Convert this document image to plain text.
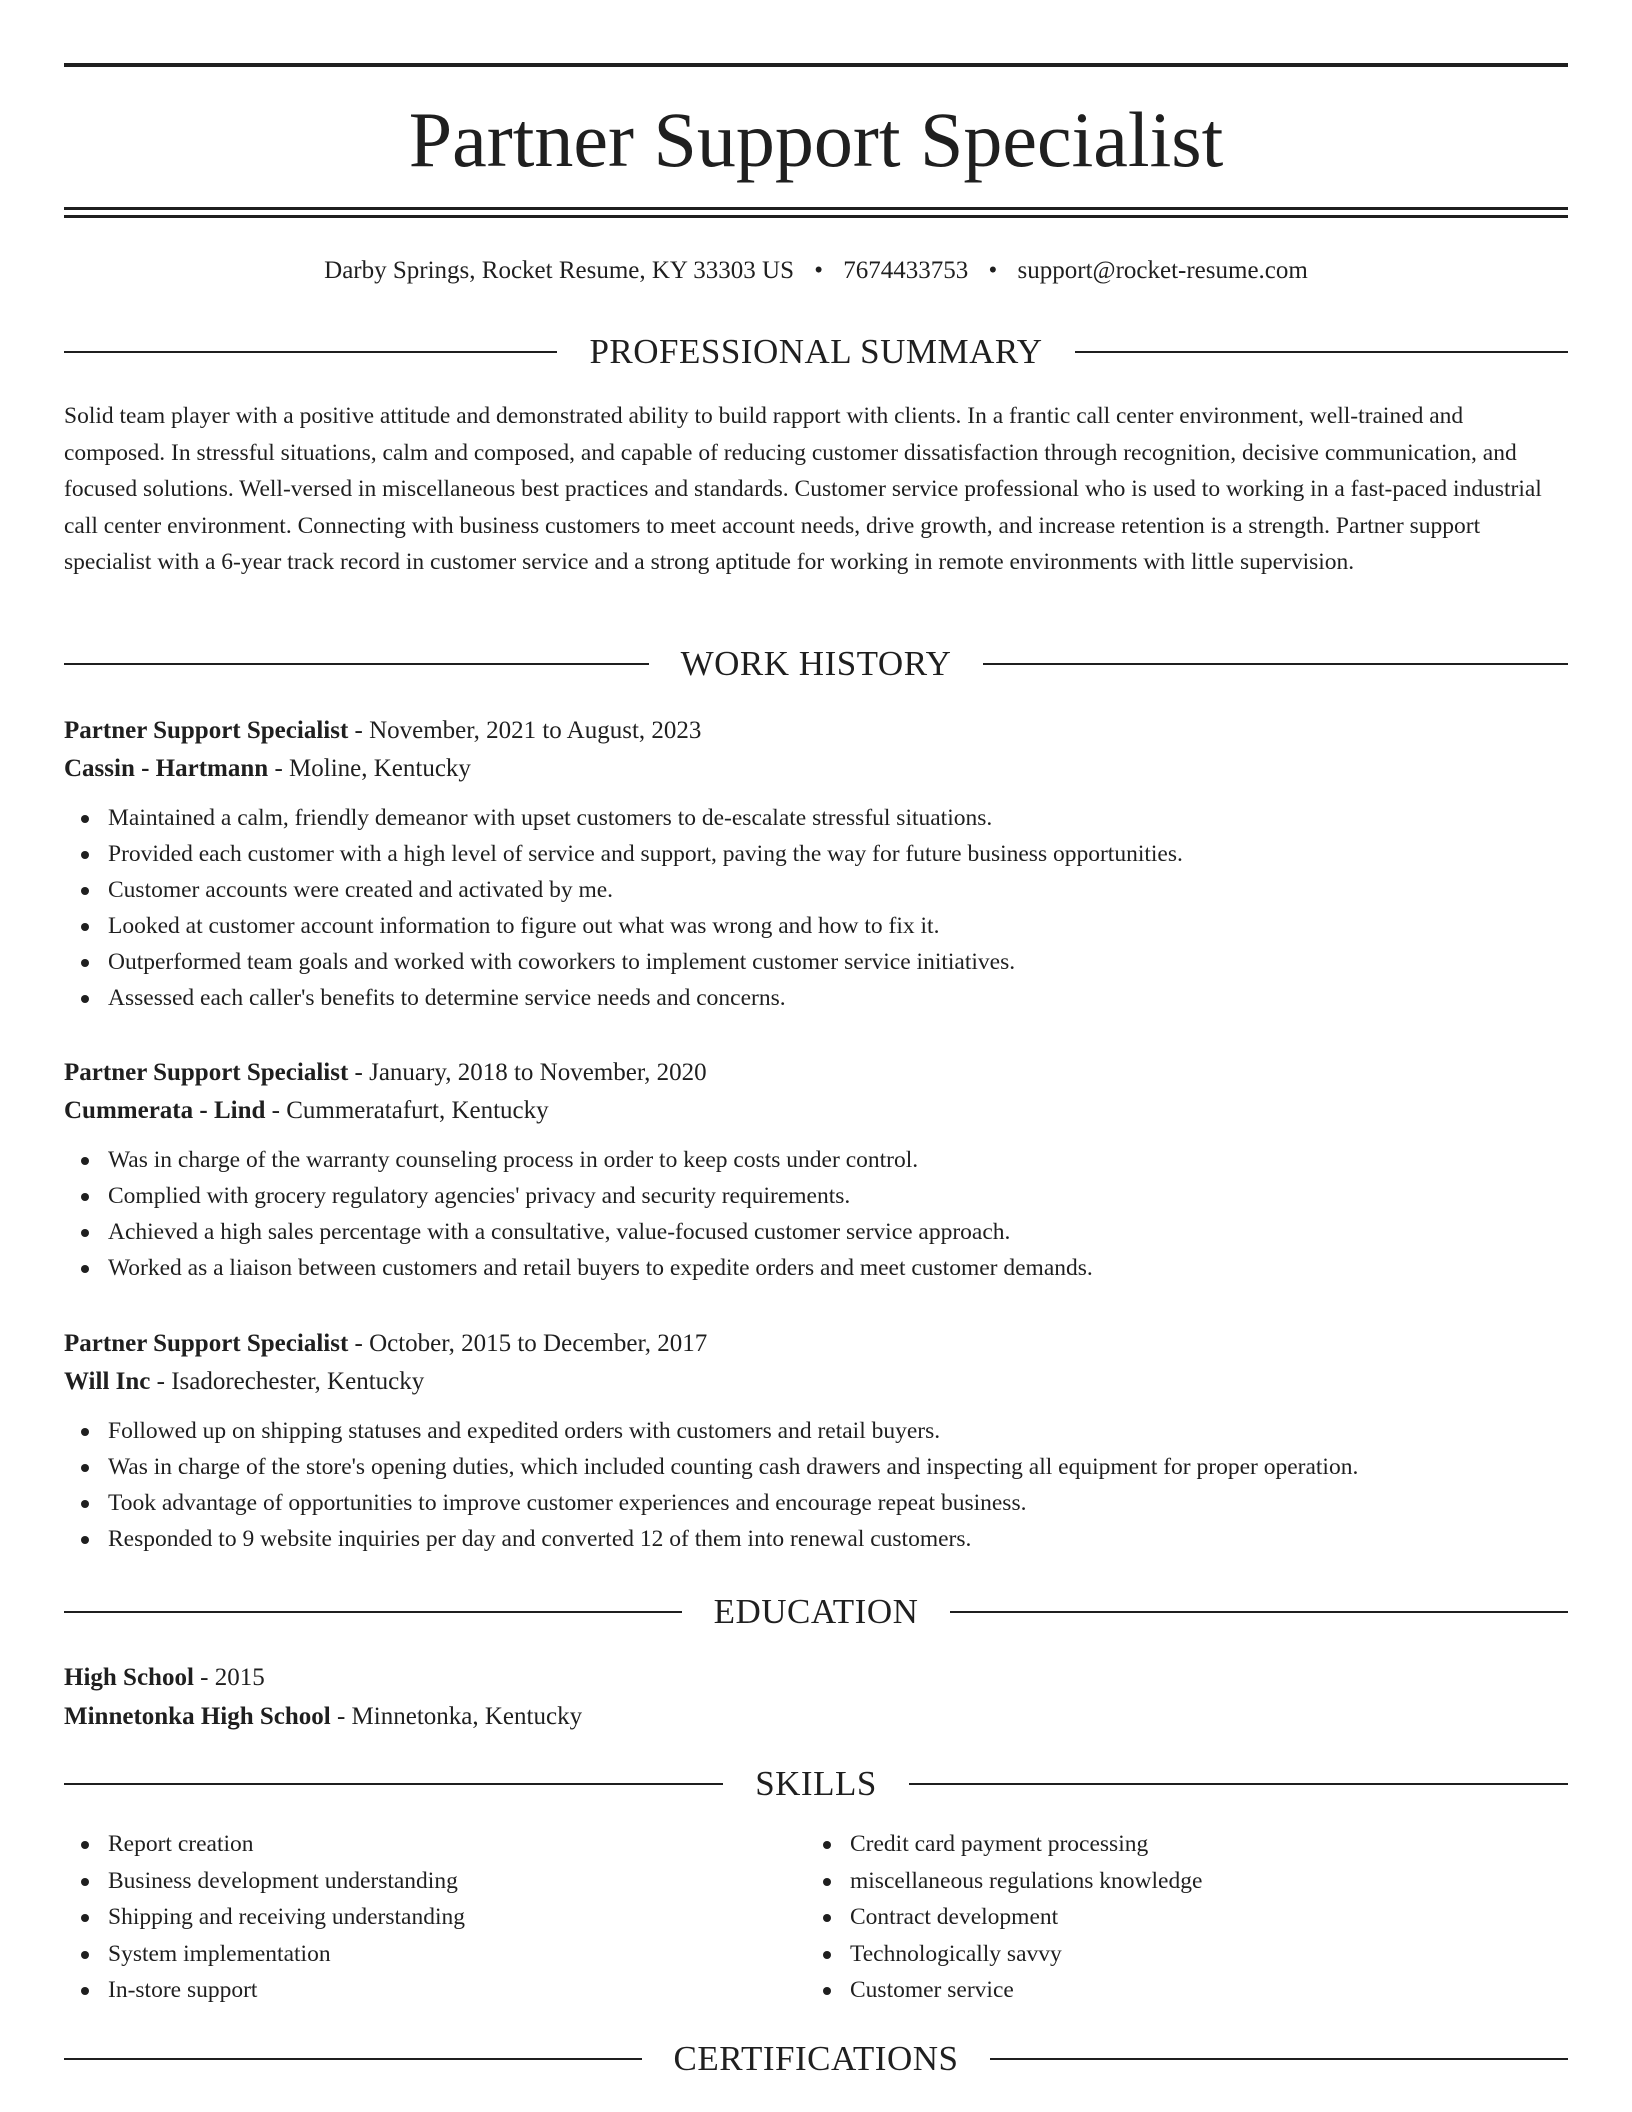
Partner Support Specialist
Darby Springs, Rocket Resume, KY 33303 US • 7674433753 • support@rocket-resume.com
PROFESSIONAL SUMMARY

Solid team player with a positive attitude and demonstrated ability to build rapport with clients. In a frantic call center environment, well-trained and composed. In stressful situations, calm and composed, and capable of reducing customer dissatisfaction through recognition, decisive communication, and focused solutions. Well-versed in miscellaneous best practices and standards. Customer service professional who is used to working in a fast-paced industrial call center environment. Connecting with business customers to meet account needs, drive growth, and increase retention is a strength. Partner support specialist with a 6-year track record in customer service and a strong aptitude for working in remote environments with little supervision.

WORK HISTORY
Partner Support Specialist - November, 2021 to August, 2023
Cassin - Hartmann - Moline, Kentucky
Maintained a calm, friendly demeanor with upset customers to de-escalate stressful situations.
Provided each customer with a high level of service and support, paving the way for future business opportunities.
Customer accounts were created and activated by me.
Looked at customer account information to figure out what was wrong and how to fix it.
Outperformed team goals and worked with coworkers to implement customer service initiatives.
Assessed each caller's benefits to determine service needs and concerns.
Partner Support Specialist - January, 2018 to November, 2020
Cummerata - Lind - Cummeratafurt, Kentucky
Was in charge of the warranty counseling process in order to keep costs under control.
Complied with grocery regulatory agencies' privacy and security requirements.
Achieved a high sales percentage with a consultative, value-focused customer service approach.
Worked as a liaison between customers and retail buyers to expedite orders and meet customer demands.
Partner Support Specialist - October, 2015 to December, 2017
Will Inc - Isadorechester, Kentucky
Followed up on shipping statuses and expedited orders with customers and retail buyers.
Was in charge of the store's opening duties, which included counting cash drawers and inspecting all equipment for proper operation.
Took advantage of opportunities to improve customer experiences and encourage repeat business.
Responded to 9 website inquiries per day and converted 12 of them into renewal customers.
EDUCATION
High School - 2015
Minnetonka High School - Minnetonka, Kentucky
SKILLS
Report creation
Business development understanding
Shipping and receiving understanding
System implementation
In-store support
Credit card payment processing
miscellaneous regulations knowledge
Contract development
Technologically savvy
Customer service
CERTIFICATIONS
